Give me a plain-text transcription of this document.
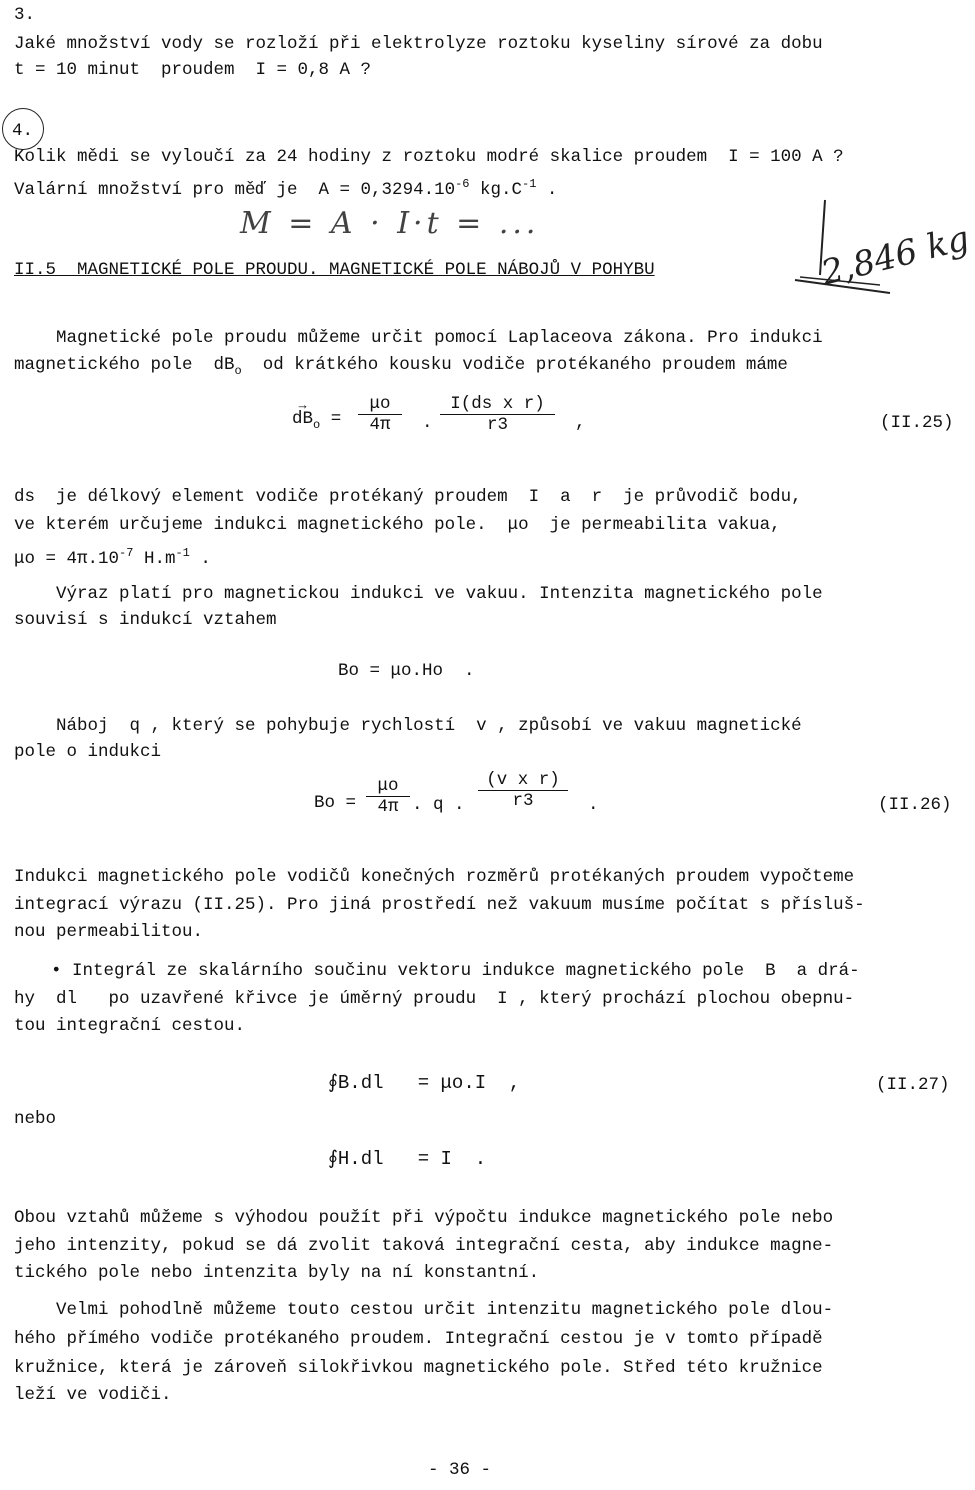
3.
Jaké množství vody se rozloží při elektrolyze roztoku kyseliny sírové za dobu
t = 10 minut  proudem  I = 0,8 A ?
4.
Kolik mědi se vyloučí za 24 hodiny z roztoku modré skalice proudem  I = 100 A ?
Valární množství pro měď je  $A = 0,3294.10^{-6}$ $kg.C^{-1}$ .
M = A · I·t = ...	2,846 kg
II.5  MAGNETICKÉ POLE PROUDU. MAGNETICKÉ POLE NÁBOJŮ V POHYBU
Magnetické pole proudu můžeme určit pomocí Laplaceova zákona. Pro indukci
magnetického pole  $dB_o$  od krátkého kousku vodiče protékaného proudem máme
→ $dB_o = \frac{\mu o}{4\pi}$ . $\frac{\text{I(ds x r)}}{r3}$ ,	(II.25)
ds  je délkový element vodiče protékaný proudem  I  a  r  je průvodič bodu,
ve kterém určujeme indukci magnetického pole.  μo  je permeabilita vakua,
$\mu o = 4\pi.10^{-7}$ $H.m^{-1}$ .
Výraz platí pro magnetickou indukci ve vakuu. Intenzita magnetického pole
souvisí s indukcí vztahem
Bo = μo.Ho  .
Náboj  q , který se pohybuje rychlostí  v , způsobí ve vakuu magnetické
pole o indukci
$Bo = \frac{\mu o}{4\pi}$ . q . $\frac{\text{(v x r)}}{r3}$ .	(II.26)
Indukci magnetického pole vodičů konečných rozměrů protékaných proudem vypočteme
integrací výrazu (II.25). Pro jiná prostředí než vakuum musíme počítat s přísluš-
nou permeabilitou.
• Integrál ze skalárního součinu vektoru indukce magnetického pole  B  a drá-
hy  dl   po uzavřené křivce je úměrný proudu  I , který prochází plochou obepnu-
tou integrační cestou.
∮B.dl   = μo.I  ,	(II.27)
nebo
∮H.dl   = I  .
Obou vztahů můžeme s výhodou použít při výpočtu indukce magnetického pole nebo
jeho intenzity, pokud se dá zvolit taková integrační cesta, aby indukce magne-
tického pole nebo intenzita byly na ní konstantní.
Velmi pohodlně můžeme touto cestou určit intenzitu magnetického pole dlou-
hého přímého vodiče protékaného proudem. Integrační cestou je v tomto případě
kružnice, která je zároveň silokřivkou magnetického pole. Střed této kružnice
leží ve vodiči.
- 36 -
